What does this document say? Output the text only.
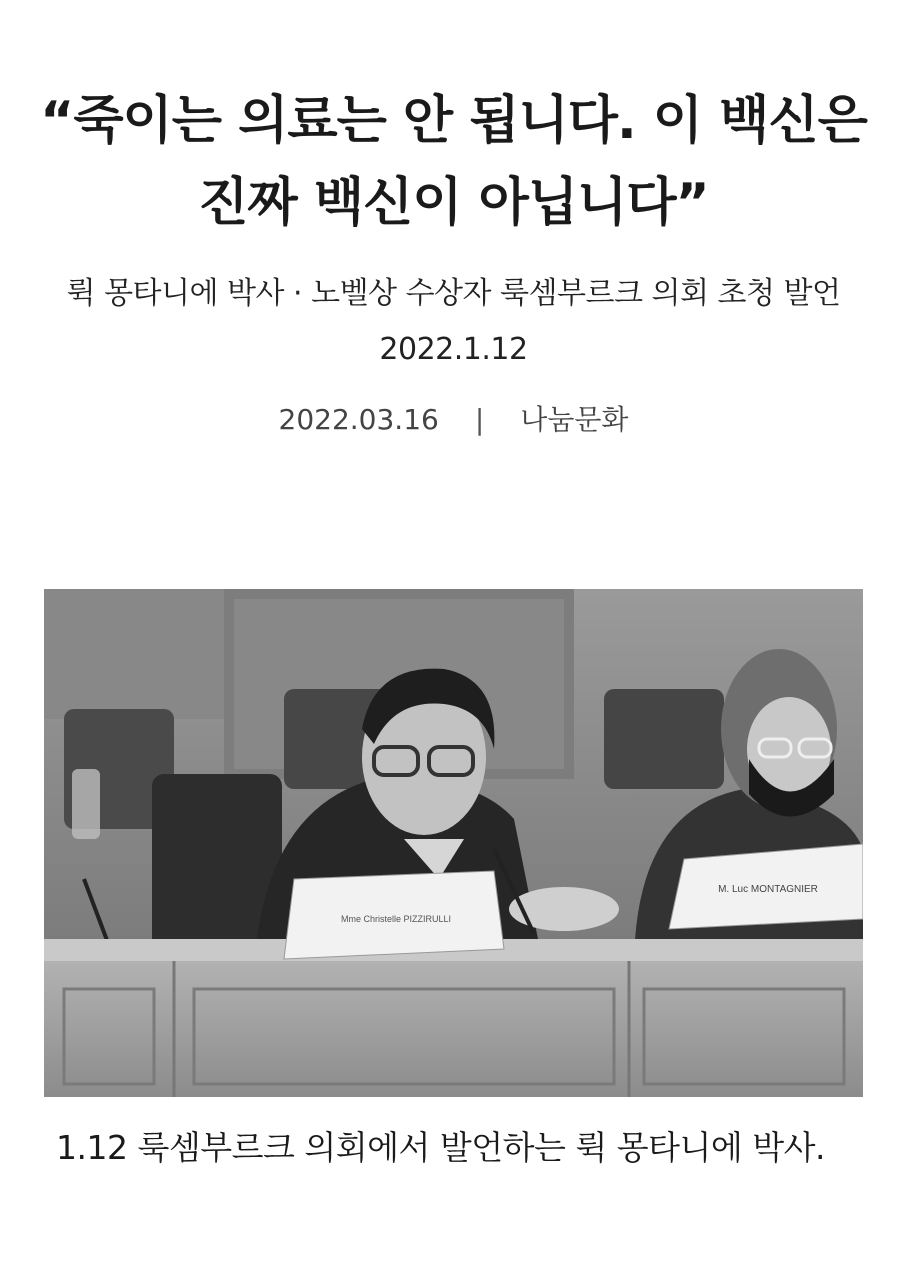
“죽이는 의료는 안 됩니다. 이 백신은 진짜 백신이 아닙니다”

뤽 몽타니에 박사 · 노벨상 수상자 룩셈부르크 의회 초청 발언 2022.1.12

2022.03.16 | 나눔문화
Mme Christelle PIZZIRULLI
M. Luc MONTAGNIER

1.12 룩셈부르크 의회에서 발언하는 뤽 몽타니에 박사.
